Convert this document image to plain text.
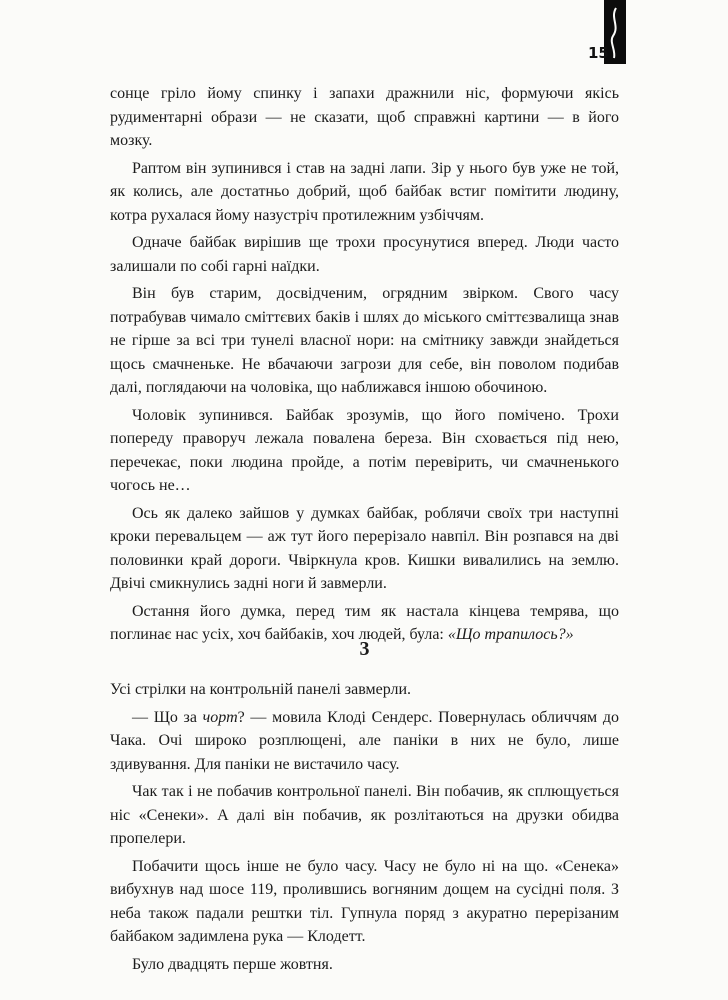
15

сонце гріло йому спинку і запахи дражнили ніс, формуючи якісь рудиментарні образи — не сказати, щоб справжні картини — в його мозку.

Раптом він зупинився і став на задні лапи. Зір у нього був уже не той, як колись, але достатньо добрий, щоб байбак встиг помітити людину, котра рухалася йому назустріч протилежним узбіччям.

Одначе байбак вирішив ще трохи просунутися вперед. Люди часто залишали по собі гарні наїдки.

Він був старим, досвідченим, огрядним звірком. Свого часу потрабував чимало сміттєвих баків і шлях до міського сміттєзвалища знав не гірше за всі три тунелі власної нори: на смітнику завжди знайдеться щось смачненьке. Не вбачаючи загрози для себе, він поволом подибав далі, поглядаючи на чоловіка, що наближався іншою обочиною.

Чоловік зупинився. Байбак зрозумів, що його помічено. Трохи попереду праворуч лежала повалена береза. Він сховається під нею, перечекає, поки людина пройде, а потім перевірить, чи смачненького чогось не…

Ось як далеко зайшов у думках байбак, роблячи своїх три наступні кроки перевальцем — аж тут його перерізало навпіл. Він розпався на дві половинки край дороги. Чвіркнула кров. Кишки вивалились на землю. Двічі смикнулись задні ноги й завмерли.

Остання його думка, перед тим як настала кінцева темрява, що поглинає нас усіх, хоч байбаків, хоч людей, була: «Що трапилось?»

3

Усі стрілки на контрольній панелі завмерли.

— Що за чорт? — мовила Клоді Сендерс. Повернулась обличчям до Чака. Очі широко розплющені, але паніки в них не було, лише здивування. Для паніки не вистачило часу.

Чак так і не побачив контрольної панелі. Він побачив, як сплющується ніс «Сенеки». А далі він побачив, як розлітаються на друзки обидва пропелери.

Побачити щось інше не було часу. Часу не було ні на що. «Сенека» вибухнув над шосе 119, пролившись вогняним дощем на сусідні поля. З неба також падали рештки тіл. Гупнула поряд з акуратно перерізаним байбаком задимлена рука — Клодетт.

Було двадцять перше жовтня.
